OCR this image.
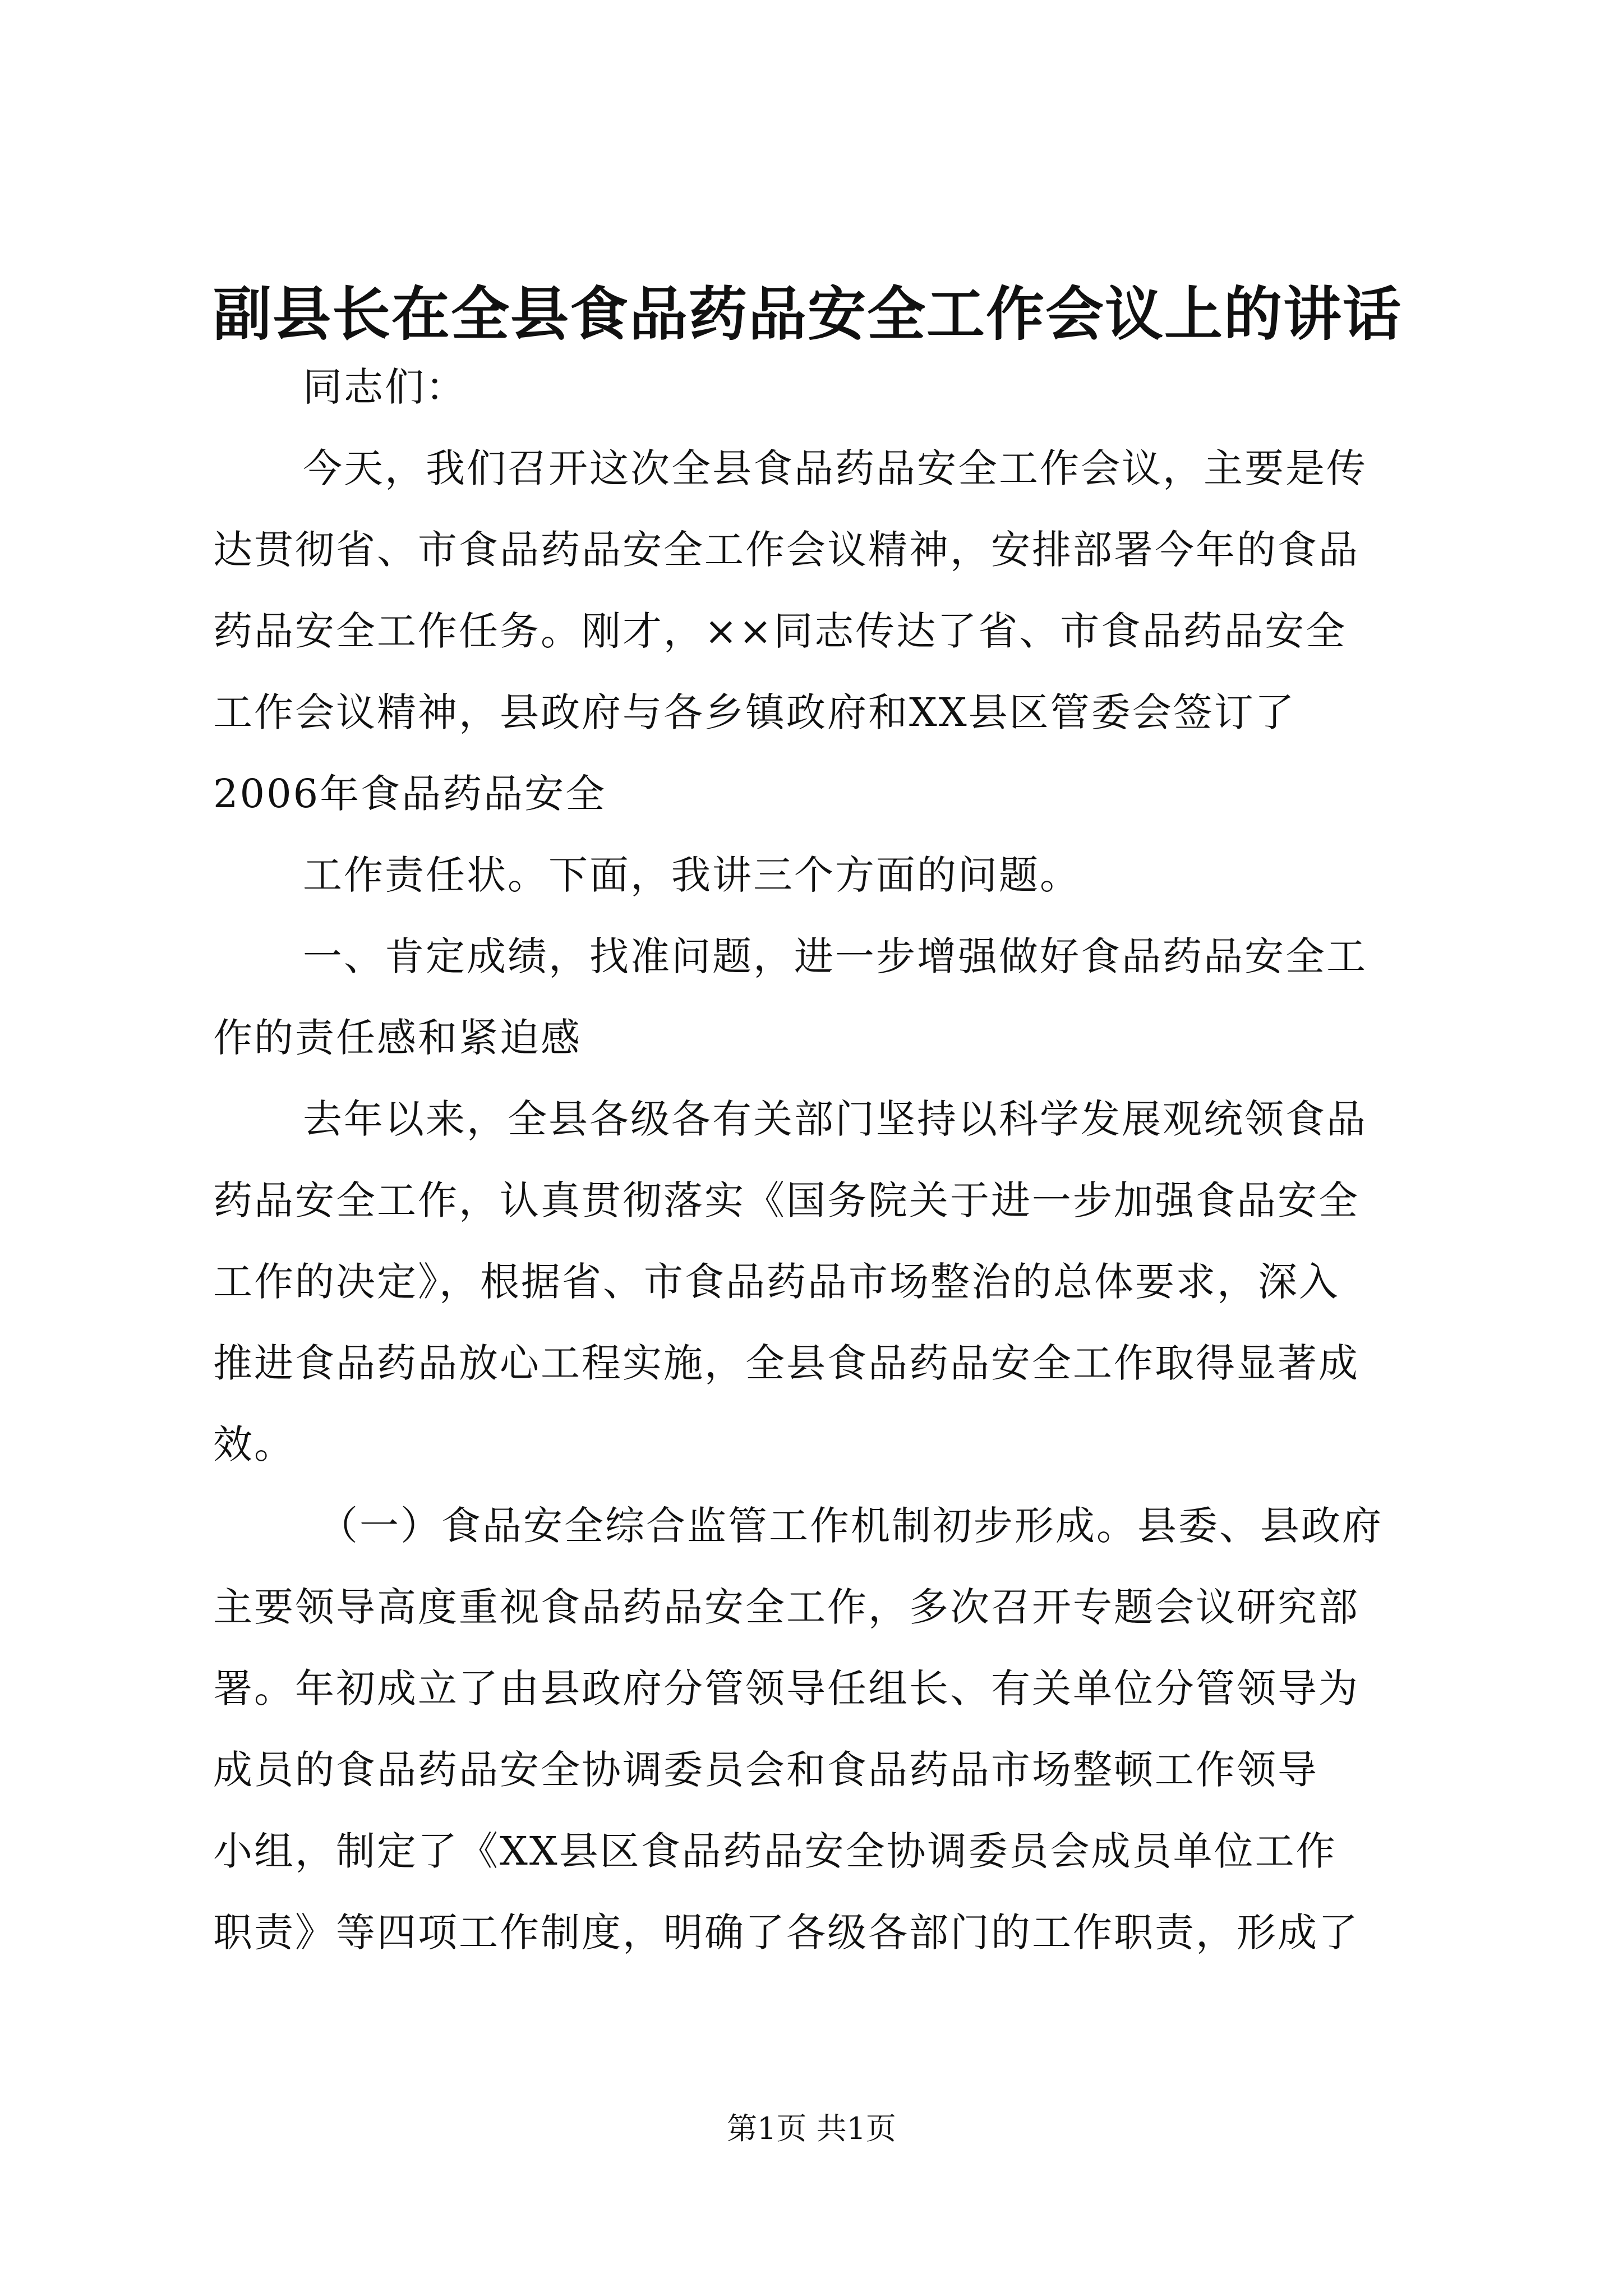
副县长在全县食品药品安全工作会议上的讲话

同志们：

今天，我们召开这次全县食品药品安全工作会议，主要是传

达贯彻省、市食品药品安全工作会议精神，安排部署今年的食品

药品安全工作任务。刚才，××同志传达了省、市食品药品安全

工作会议精神，县政府与各乡镇政府和XX县区管委会签订了

2006年食品药品安全

工作责任状。下面，我讲三个方面的问题。

一、肯定成绩，找准问题，进一步增强做好食品药品安全工

作的责任感和紧迫感

去年以来，全县各级各有关部门坚持以科学发展观统领食品

药品安全工作，认真贯彻落实《国务院关于进一步加强食品安全

工作的决定》，根据省、市食品药品市场整治的总体要求，深入

推进食品药品放心工程实施，全县食品药品安全工作取得显著成

效。

（一）食品安全综合监管工作机制初步形成。县委、县政府

主要领导高度重视食品药品安全工作，多次召开专题会议研究部

署。年初成立了由县政府分管领导任组长、有关单位分管领导为

成员的食品药品安全协调委员会和食品药品市场整顿工作领导

小组，制定了《XX县区食品药品安全协调委员会成员单位工作

职责》等四项工作制度，明确了各级各部门的工作职责，形成了

第1页 共1页
